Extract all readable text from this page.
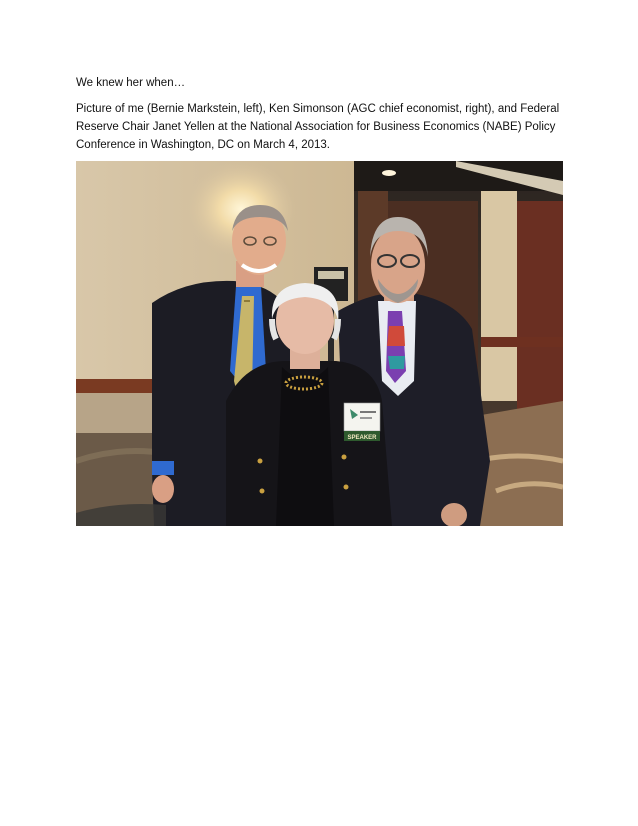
We knew her when…
Picture of me (Bernie Markstein, left), Ken Simonson (AGC chief economist, right), and Federal Reserve Chair Janet Yellen at the National Association for Business Economics (NABE) Policy Conference in Washington, DC on March 4, 2013.
SPEAKER
